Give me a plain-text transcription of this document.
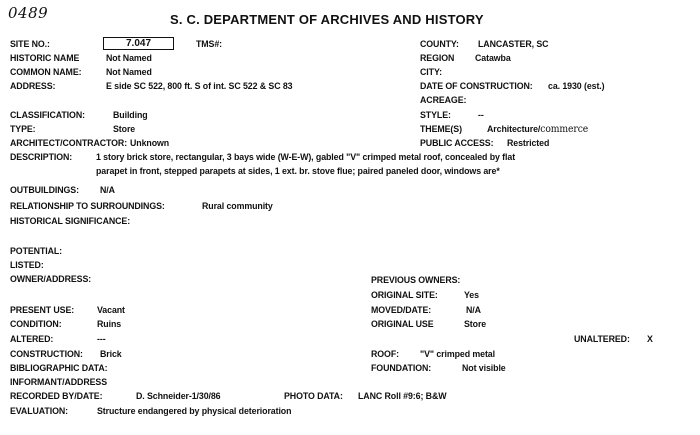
0489	S. C. DEPARTMENT OF ARCHIVES AND HISTORY
SITE NO.:	7.047	TMS#:	COUNTY: LANCASTER, SC
HISTORIC NAME	Not Named	REGION Catawba
COMMON NAME:	Not Named	CITY:
ADDRESS:	E side SC 522, 800 ft. S of int. SC 522 & SC 83	DATE OF CONSTRUCTION: ca. 1930 (est.)
ACREAGE:
CLASSIFICATION:	Building	STYLE:	--
TYPE:	Store	THEME(S)	Architecture/commerce
ARCHITECT/CONTRACTOR: Unknown	PUBLIC ACCESS: Restricted
DESCRIPTION: 1 story brick store, rectangular, 3 bays wide (W-E-W), gabled "V" crimped metal roof, concealed by flat
parapet in front, stepped parapets at sides, 1 ext. br. stove flue; paired paneled door, windows are*
OUTBUILDINGS: N/A
RELATIONSHIP TO SURROUNDINGS:	Rural community
HISTORICAL SIGNIFICANCE:
POTENTIAL:
LISTED:
OWNER/ADDRESS:	PREVIOUS OWNERS:
ORIGINAL SITE:	Yes
PRESENT USE: Vacant	MOVED/DATE:	N/A
CONDITION:	Ruins	ORIGINAL USE	Store
ALTERED:	---	UNALTERED: X
CONSTRUCTION: Brick	ROOF: "V" crimped metal
BIBLIOGRAPHIC DATA:	FOUNDATION:	Not visible
INFORMANT/ADDRESS
RECORDED BY/DATE:	D. Schneider-1/30/86	PHOTO DATA: LANC Roll #9:6; B&W
EVALUATION:	Structure endangered by physical deterioration
